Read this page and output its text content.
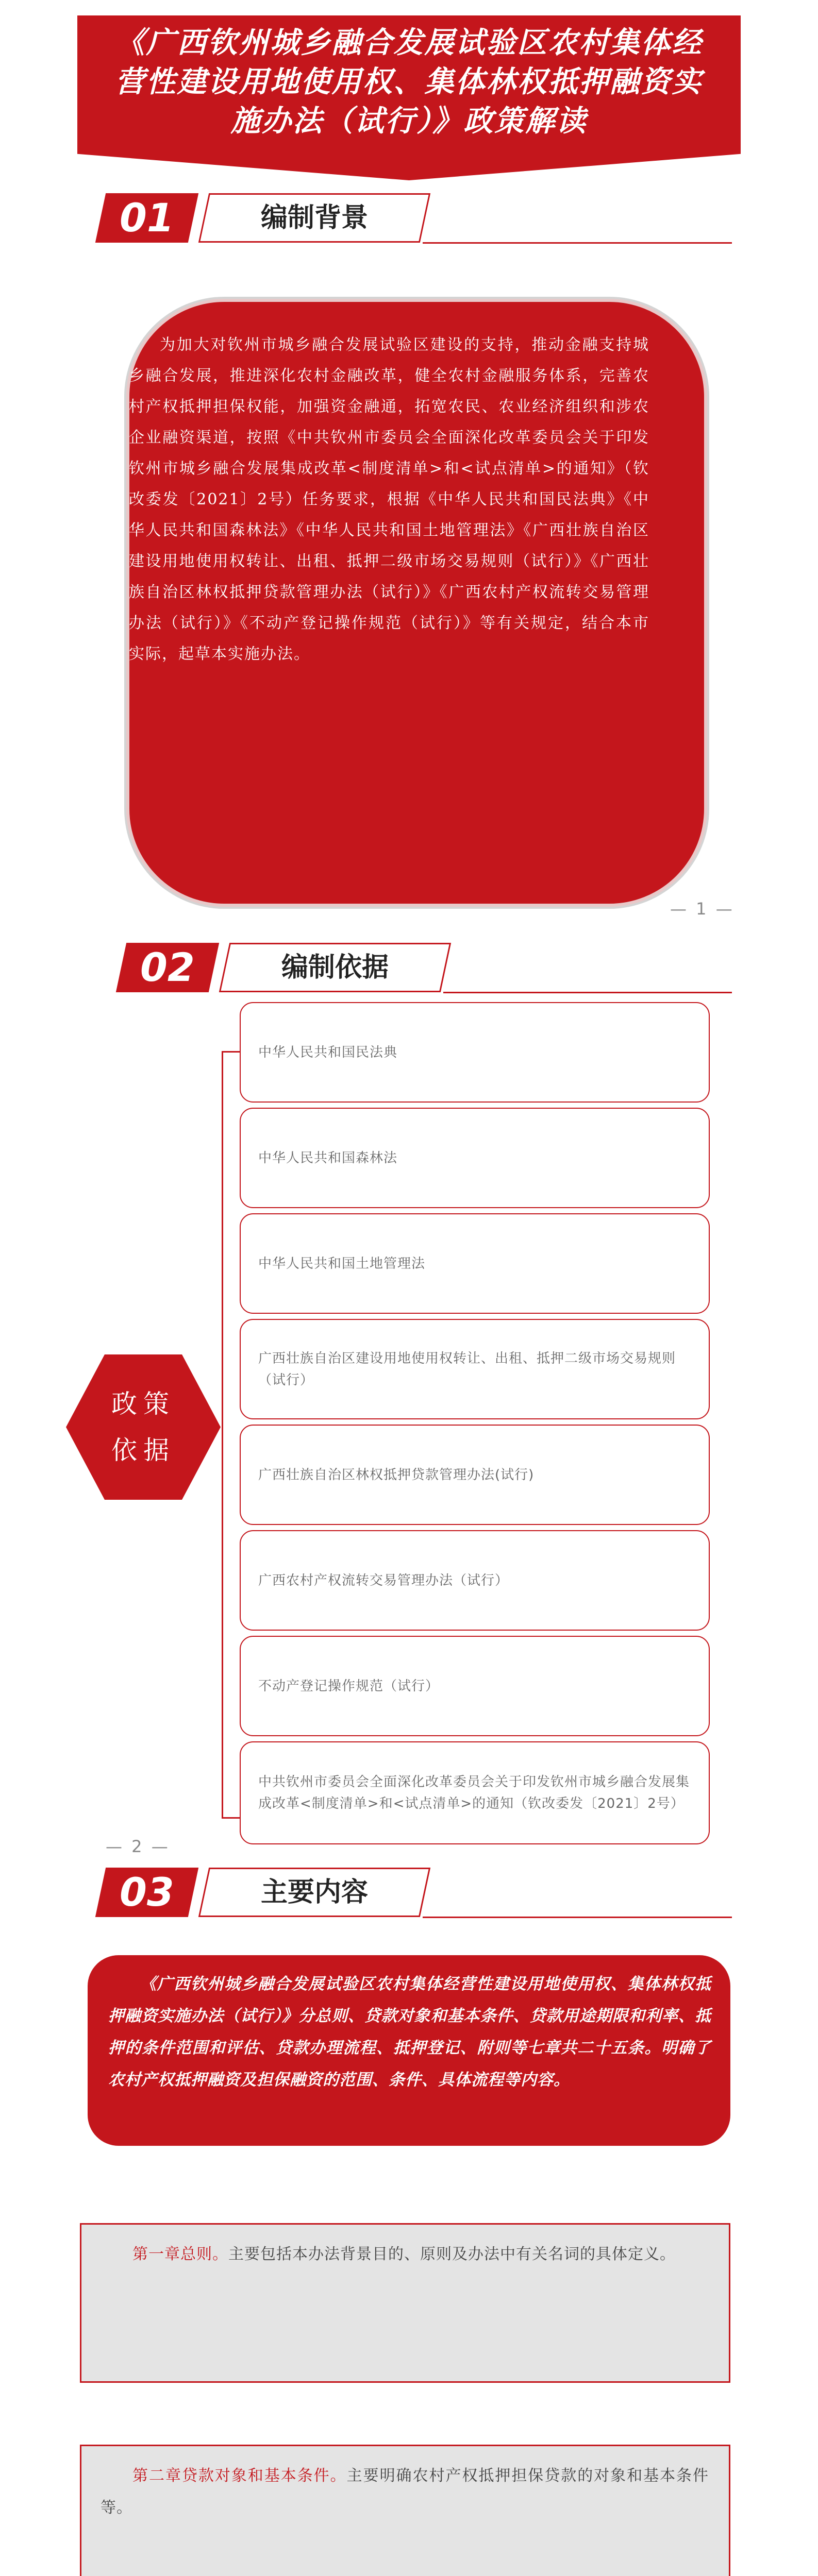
《广西钦州城乡融合发展试验区农村集体经营性建设用地使用权、集体林权抵押融资实施办法（试行）》政策解读
01	编制背景
为加大对钦州市城乡融合发展试验区建设的支持，推动金融支持城乡融合发展，推进深化农村金融改革，健全农村金融服务体系，完善农村产权抵押担保权能，加强资金融通，拓宽农民、农业经济组织和涉农企业融资渠道，按照《中共钦州市委员会全面深化改革委员会关于印发钦州市城乡融合发展集成改革<制度清单>和<试点清单>的通知》（钦改委发〔2021〕2号）任务要求，根据《中华人民共和国民法典》《中华人民共和国森林法》《中华人民共和国土地管理法》《广西壮族自治区建设用地使用权转让、出租、抵押二级市场交易规则（试行）》《广西壮族自治区林权抵押贷款管理办法（试行）》《广西农村产权流转交易管理办法（试行）》《不动产登记操作规范（试行）》等有关规定，结合本市实际，起草本实施办法。
— 1 —
02	编制依据
政策
依据
中华人民共和国民法典
中华人民共和国森林法
中华人民共和国土地管理法
广西壮族自治区建设用地使用权转让、出租、抵押二级市场交易规则（试行）
广西壮族自治区林权抵押贷款管理办法(试行)
广西农村产权流转交易管理办法（试行）
不动产登记操作规范（试行）
中共钦州市委员会全面深化改革委员会关于印发钦州市城乡融合发展集成改革<制度清单>和<试点清单>的通知（钦改委发〔2021〕2号）
— 2 —
03	主要内容
《广西钦州城乡融合发展试验区农村集体经营性建设用地使用权、集体林权抵押融资实施办法（试行）》分总则、贷款对象和基本条件、贷款用途期限和利率、抵押的条件范围和评估、贷款办理流程、抵押登记、附则等七章共二十五条。明确了农村产权抵押融资及担保融资的范围、条件、具体流程等内容。
第一章总则。主要包括本办法背景目的、原则及办法中有关名词的具体定义。
第二章贷款对象和基本条件。主要明确农村产权抵押担保贷款的对象和基本条件等。
